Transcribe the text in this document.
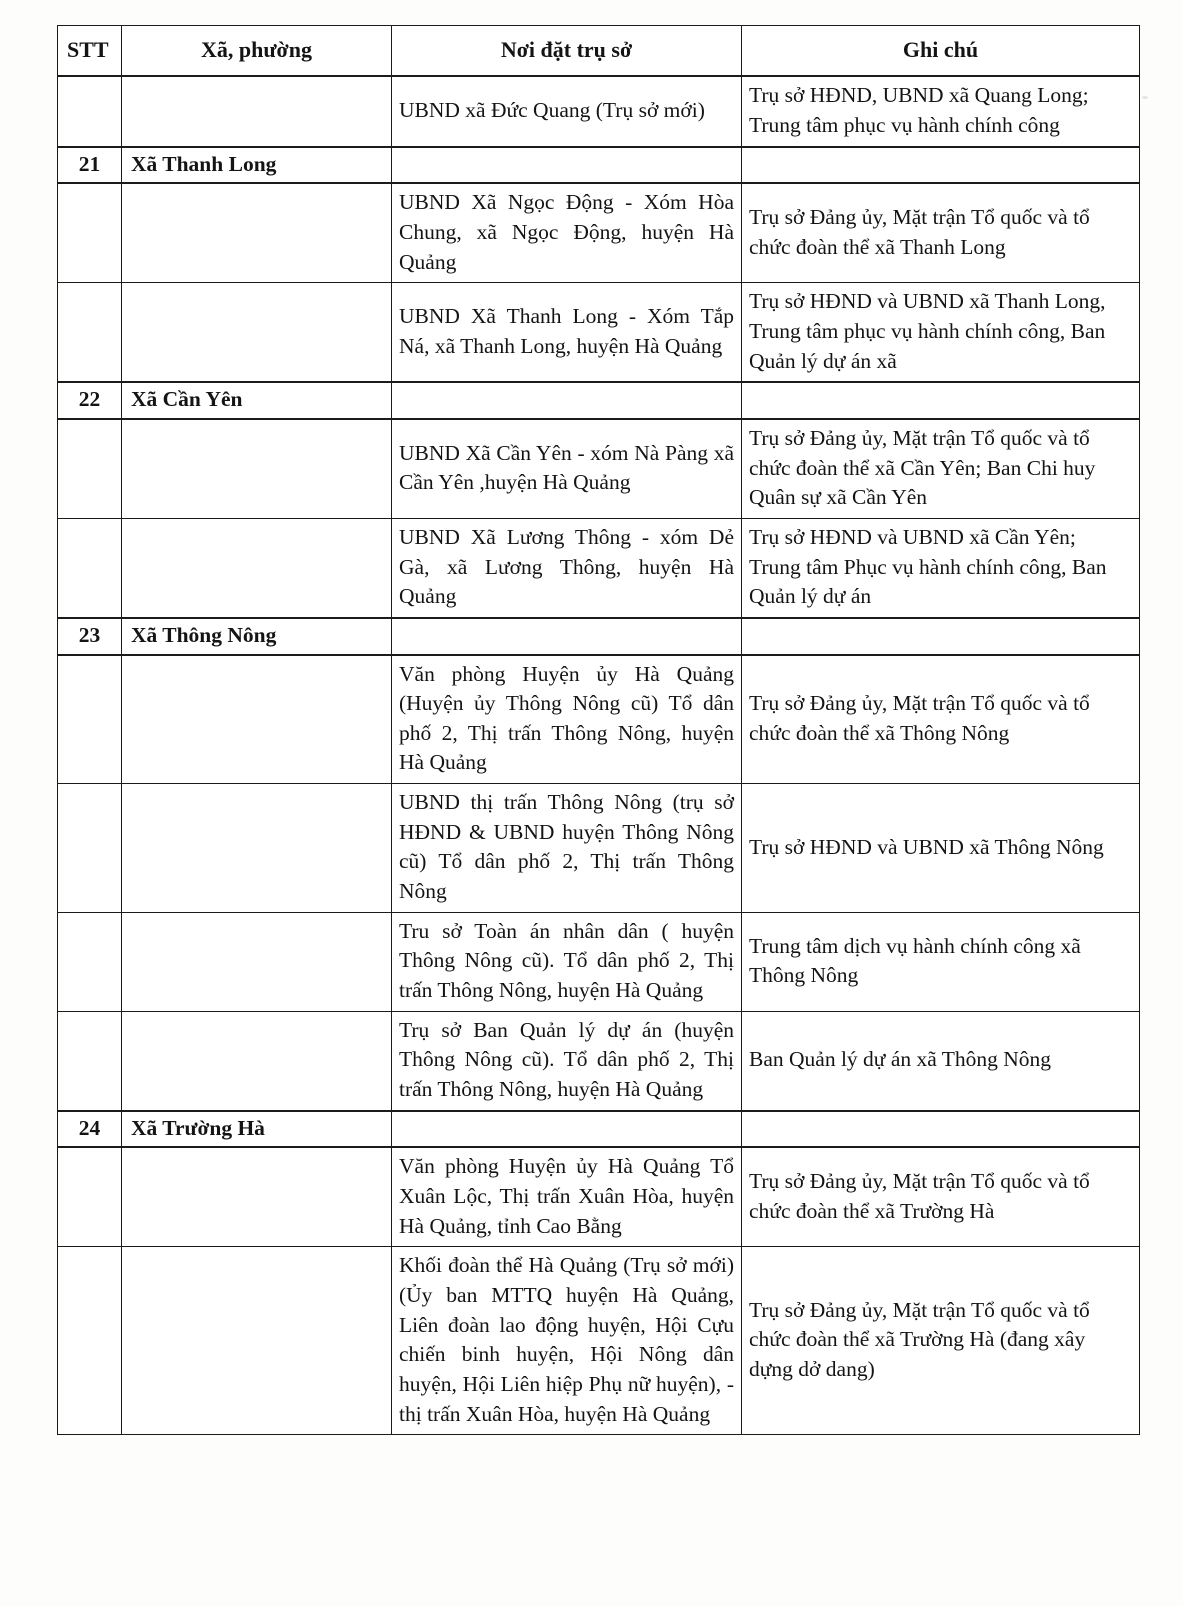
STT	Xã, phường	Nơi đặt trụ sở	Ghi chú
		UBND xã Đức Quang (Trụ sở mới)	Trụ sở HĐND, UBND xã Quang Long; Trung tâm phục vụ hành chính công
21	Xã Thanh Long		
		UBND Xã Ngọc Động - Xóm Hòa Chung, xã Ngọc Động, huyện Hà Quảng	Trụ sở Đảng ủy, Mặt trận Tổ quốc và tổ chức đoàn thể xã Thanh Long
		UBND Xã Thanh Long - Xóm Tắp Ná, xã Thanh Long, huyện Hà Quảng	Trụ sở HĐND và UBND xã Thanh Long, Trung tâm phục vụ hành chính công, Ban Quản lý dự án xã
22	Xã Cần Yên		
		UBND Xã Cần Yên - xóm Nà Pàng xã Cần Yên ,huyện Hà Quảng	Trụ sở Đảng ủy, Mặt trận Tổ quốc và tổ chức đoàn thể xã Cần Yên; Ban Chi huy Quân sự xã Cần Yên
		UBND Xã Lương Thông - xóm Dẻ Gà, xã Lương Thông, huyện Hà Quảng	Trụ sở HĐND và UBND xã Cần Yên; Trung tâm Phục vụ hành chính công, Ban Quản lý dự án
23	Xã Thông Nông		
		Văn phòng Huyện ủy Hà Quảng (Huyện ủy Thông Nông cũ) Tổ dân phố 2, Thị trấn Thông Nông, huyện Hà Quảng	Trụ sở Đảng ủy, Mặt trận Tổ quốc và tổ chức đoàn thể xã Thông Nông
		UBND thị trấn Thông Nông (trụ sở HĐND & UBND huyện Thông Nông cũ) Tổ dân phố 2, Thị trấn Thông Nông	Trụ sở HĐND và UBND xã Thông Nông
		Tru sở Toàn án nhân dân ( huyện Thông Nông cũ). Tổ dân phố 2, Thị trấn Thông Nông, huyện Hà Quảng	Trung tâm dịch vụ hành chính công xã Thông Nông
		Trụ sở Ban Quản lý dự án (huyện Thông Nông cũ). Tổ dân phố 2, Thị trấn Thông Nông, huyện Hà Quảng	Ban Quản lý dự án xã Thông Nông
24	Xã Trường Hà		
		Văn phòng Huyện ủy Hà Quảng Tổ Xuân Lộc, Thị trấn Xuân Hòa, huyện Hà Quảng, tỉnh Cao Bằng	Trụ sở Đảng ủy, Mặt trận Tổ quốc và tổ chức đoàn thể xã Trường Hà
		Khối đoàn thể Hà Quảng (Trụ sở mới) (Ủy ban MTTQ huyện Hà Quảng, Liên đoàn lao động huyện, Hội Cựu chiến binh huyện, Hội Nông dân huyện, Hội Liên hiệp Phụ nữ huyện), - thị trấn Xuân Hòa, huyện Hà Quảng	Trụ sở Đảng ủy, Mặt trận Tổ quốc và tổ chức đoàn thể xã Trường Hà (đang xây dựng dở dang)
